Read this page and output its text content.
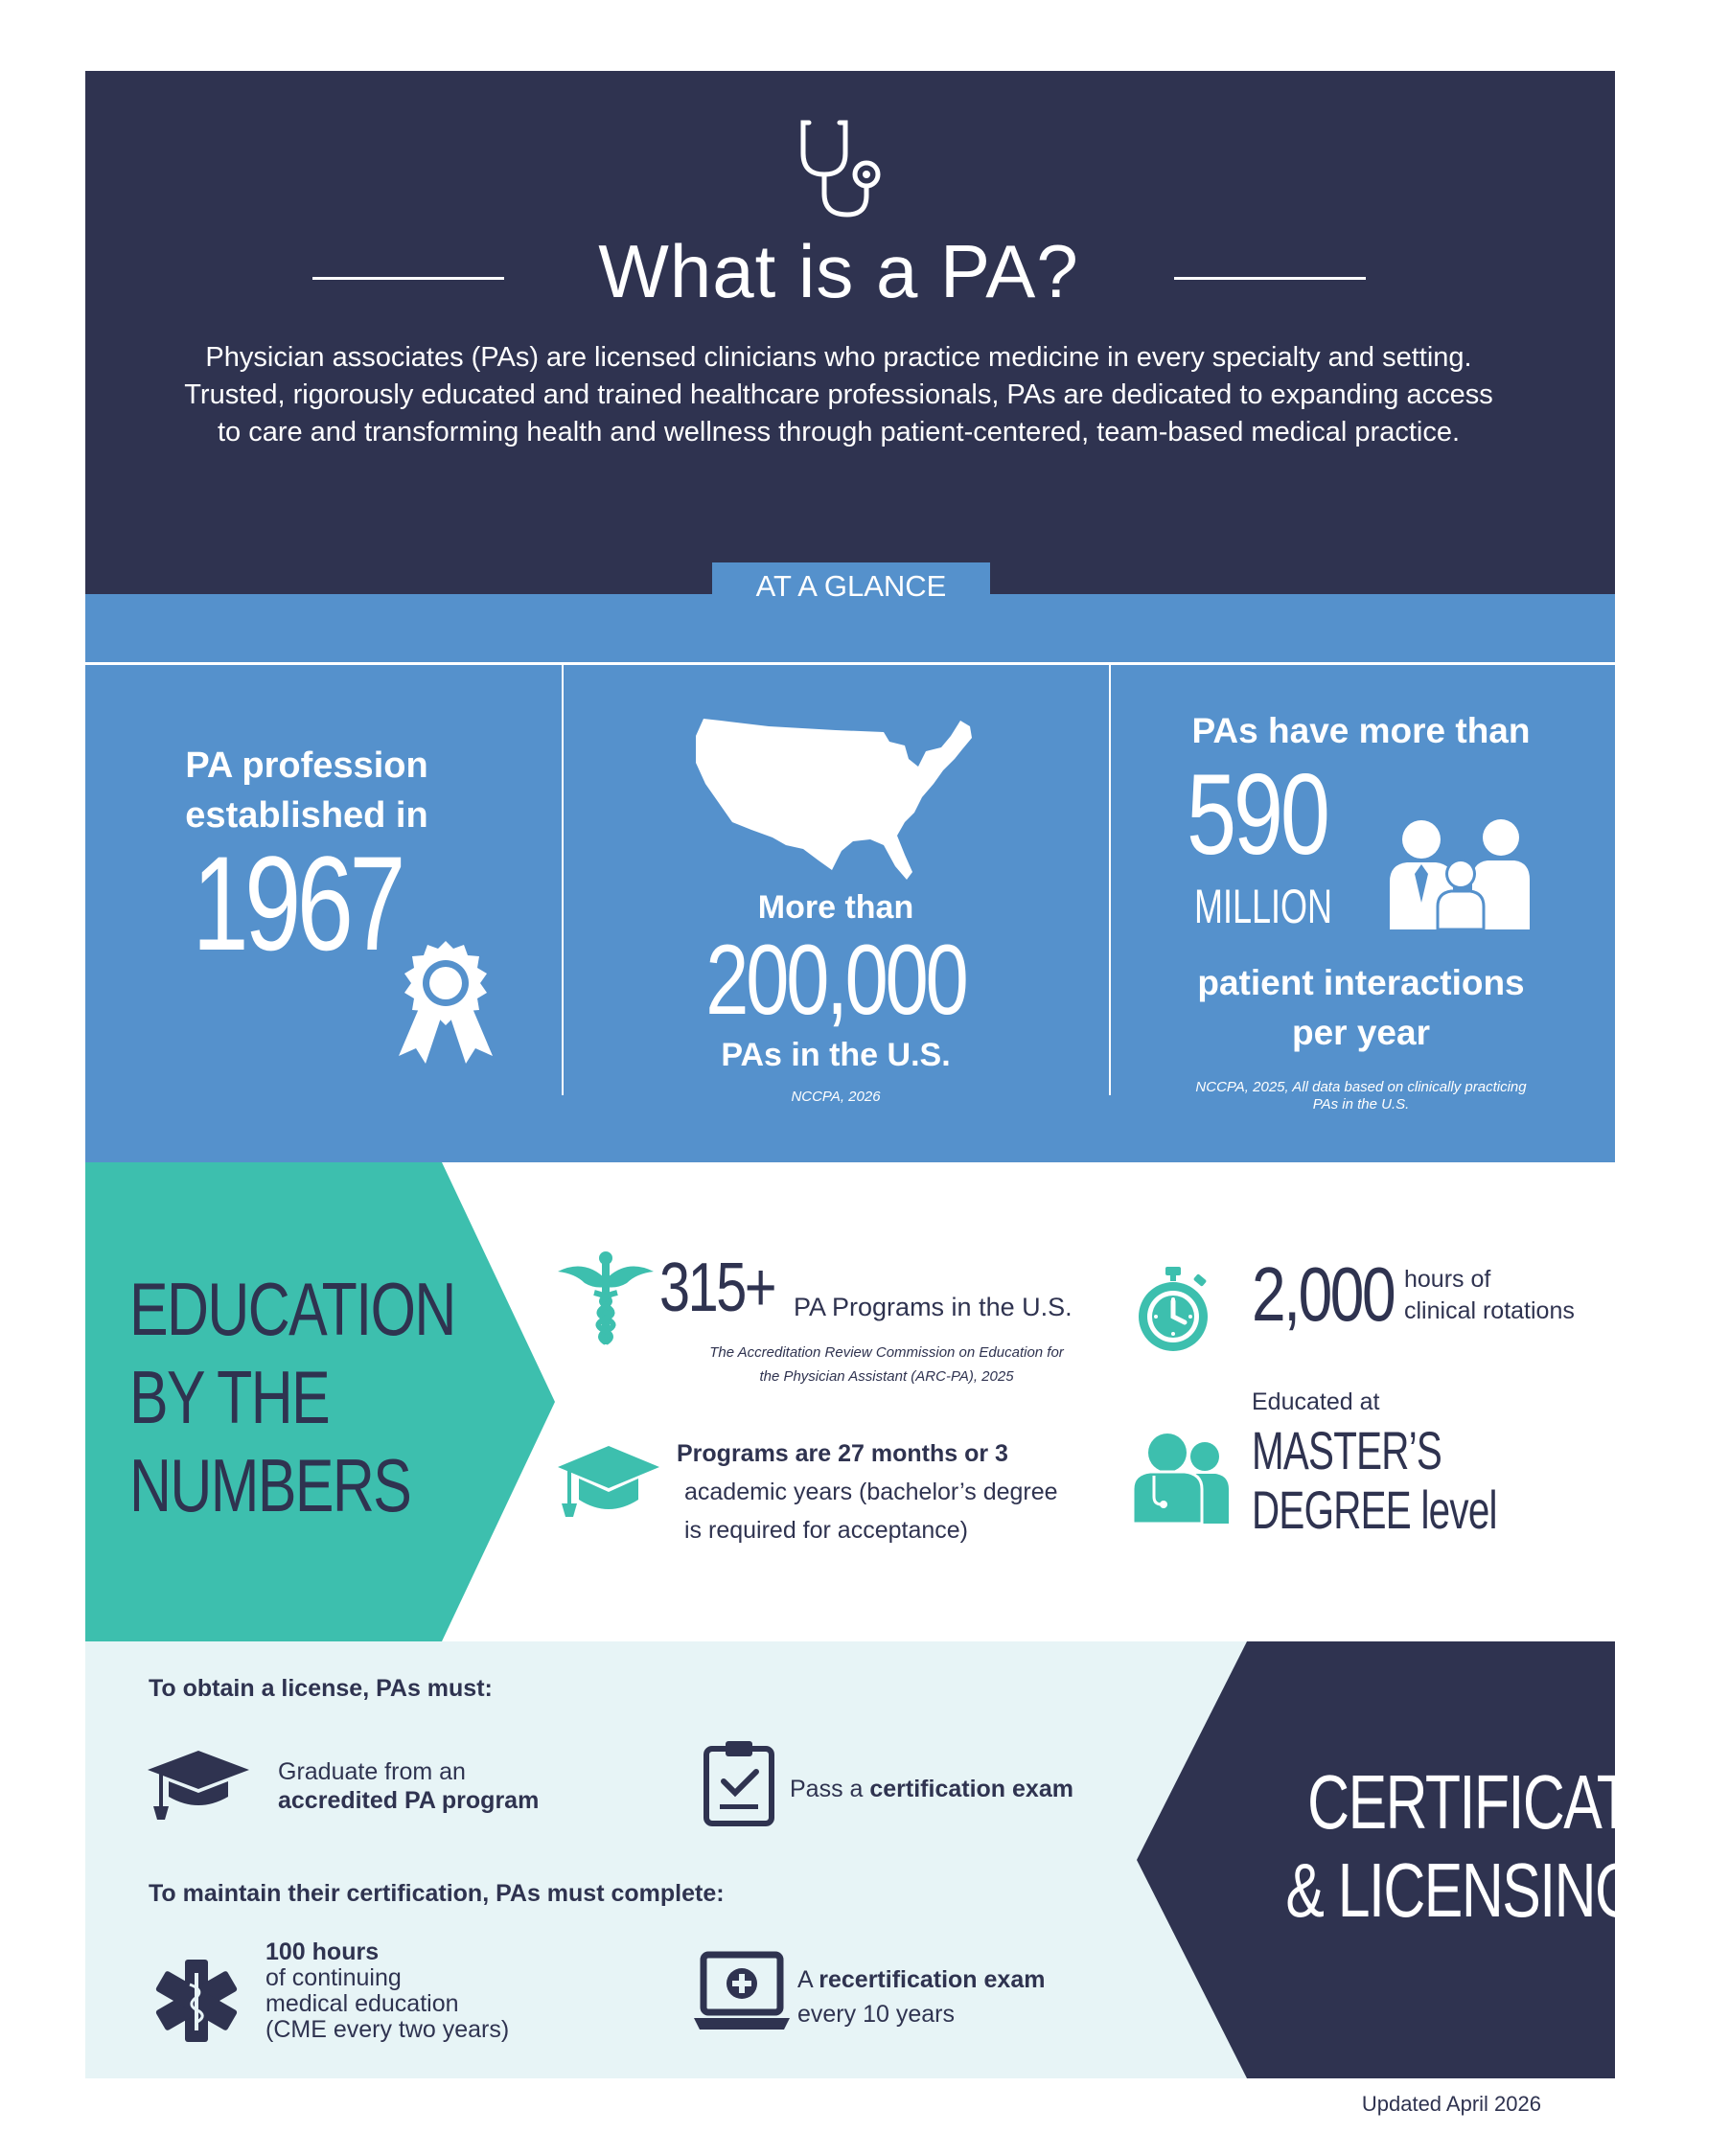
What is a PA?
Physician associates (PAs) are licensed clinicians who practice medicine in every specialty and setting.
Trusted, rigorously educated and trained healthcare professionals, PAs are dedicated to expanding access
to care and transforming health and wellness through patient-centered, team-based medical practice.
AT A GLANCE
PA profession
established in
1967	More than
200,000
PAs in the U.S.
NCCPA, 2026
PAs have more than
590
MILLION
patient interactions
per year
NCCPA, 2025, All data based on clinically practicing
PAs in the U.S.
EDUCATION
BY THE
NUMBERS
315+ PA Programs in the U.S.
The Accreditation Review Commission on Education for
the Physician Assistant (ARC-PA), 2025
Programs are 27 months or 3
academic years (bachelor’s degree
is required for acceptance)
2,000 hours of
clinical rotations
Educated at
MASTER’S
DEGREE level
CERTIFICATION
& LICENSING
To obtain a license, PAs must:
Graduate from an
accredited PA program	Pass a certification exam
To maintain their certification, PAs must complete:
100 hours
of continuing
medical education
(CME every two years)
A recertification exam
every 10 years
Updated April 2026
